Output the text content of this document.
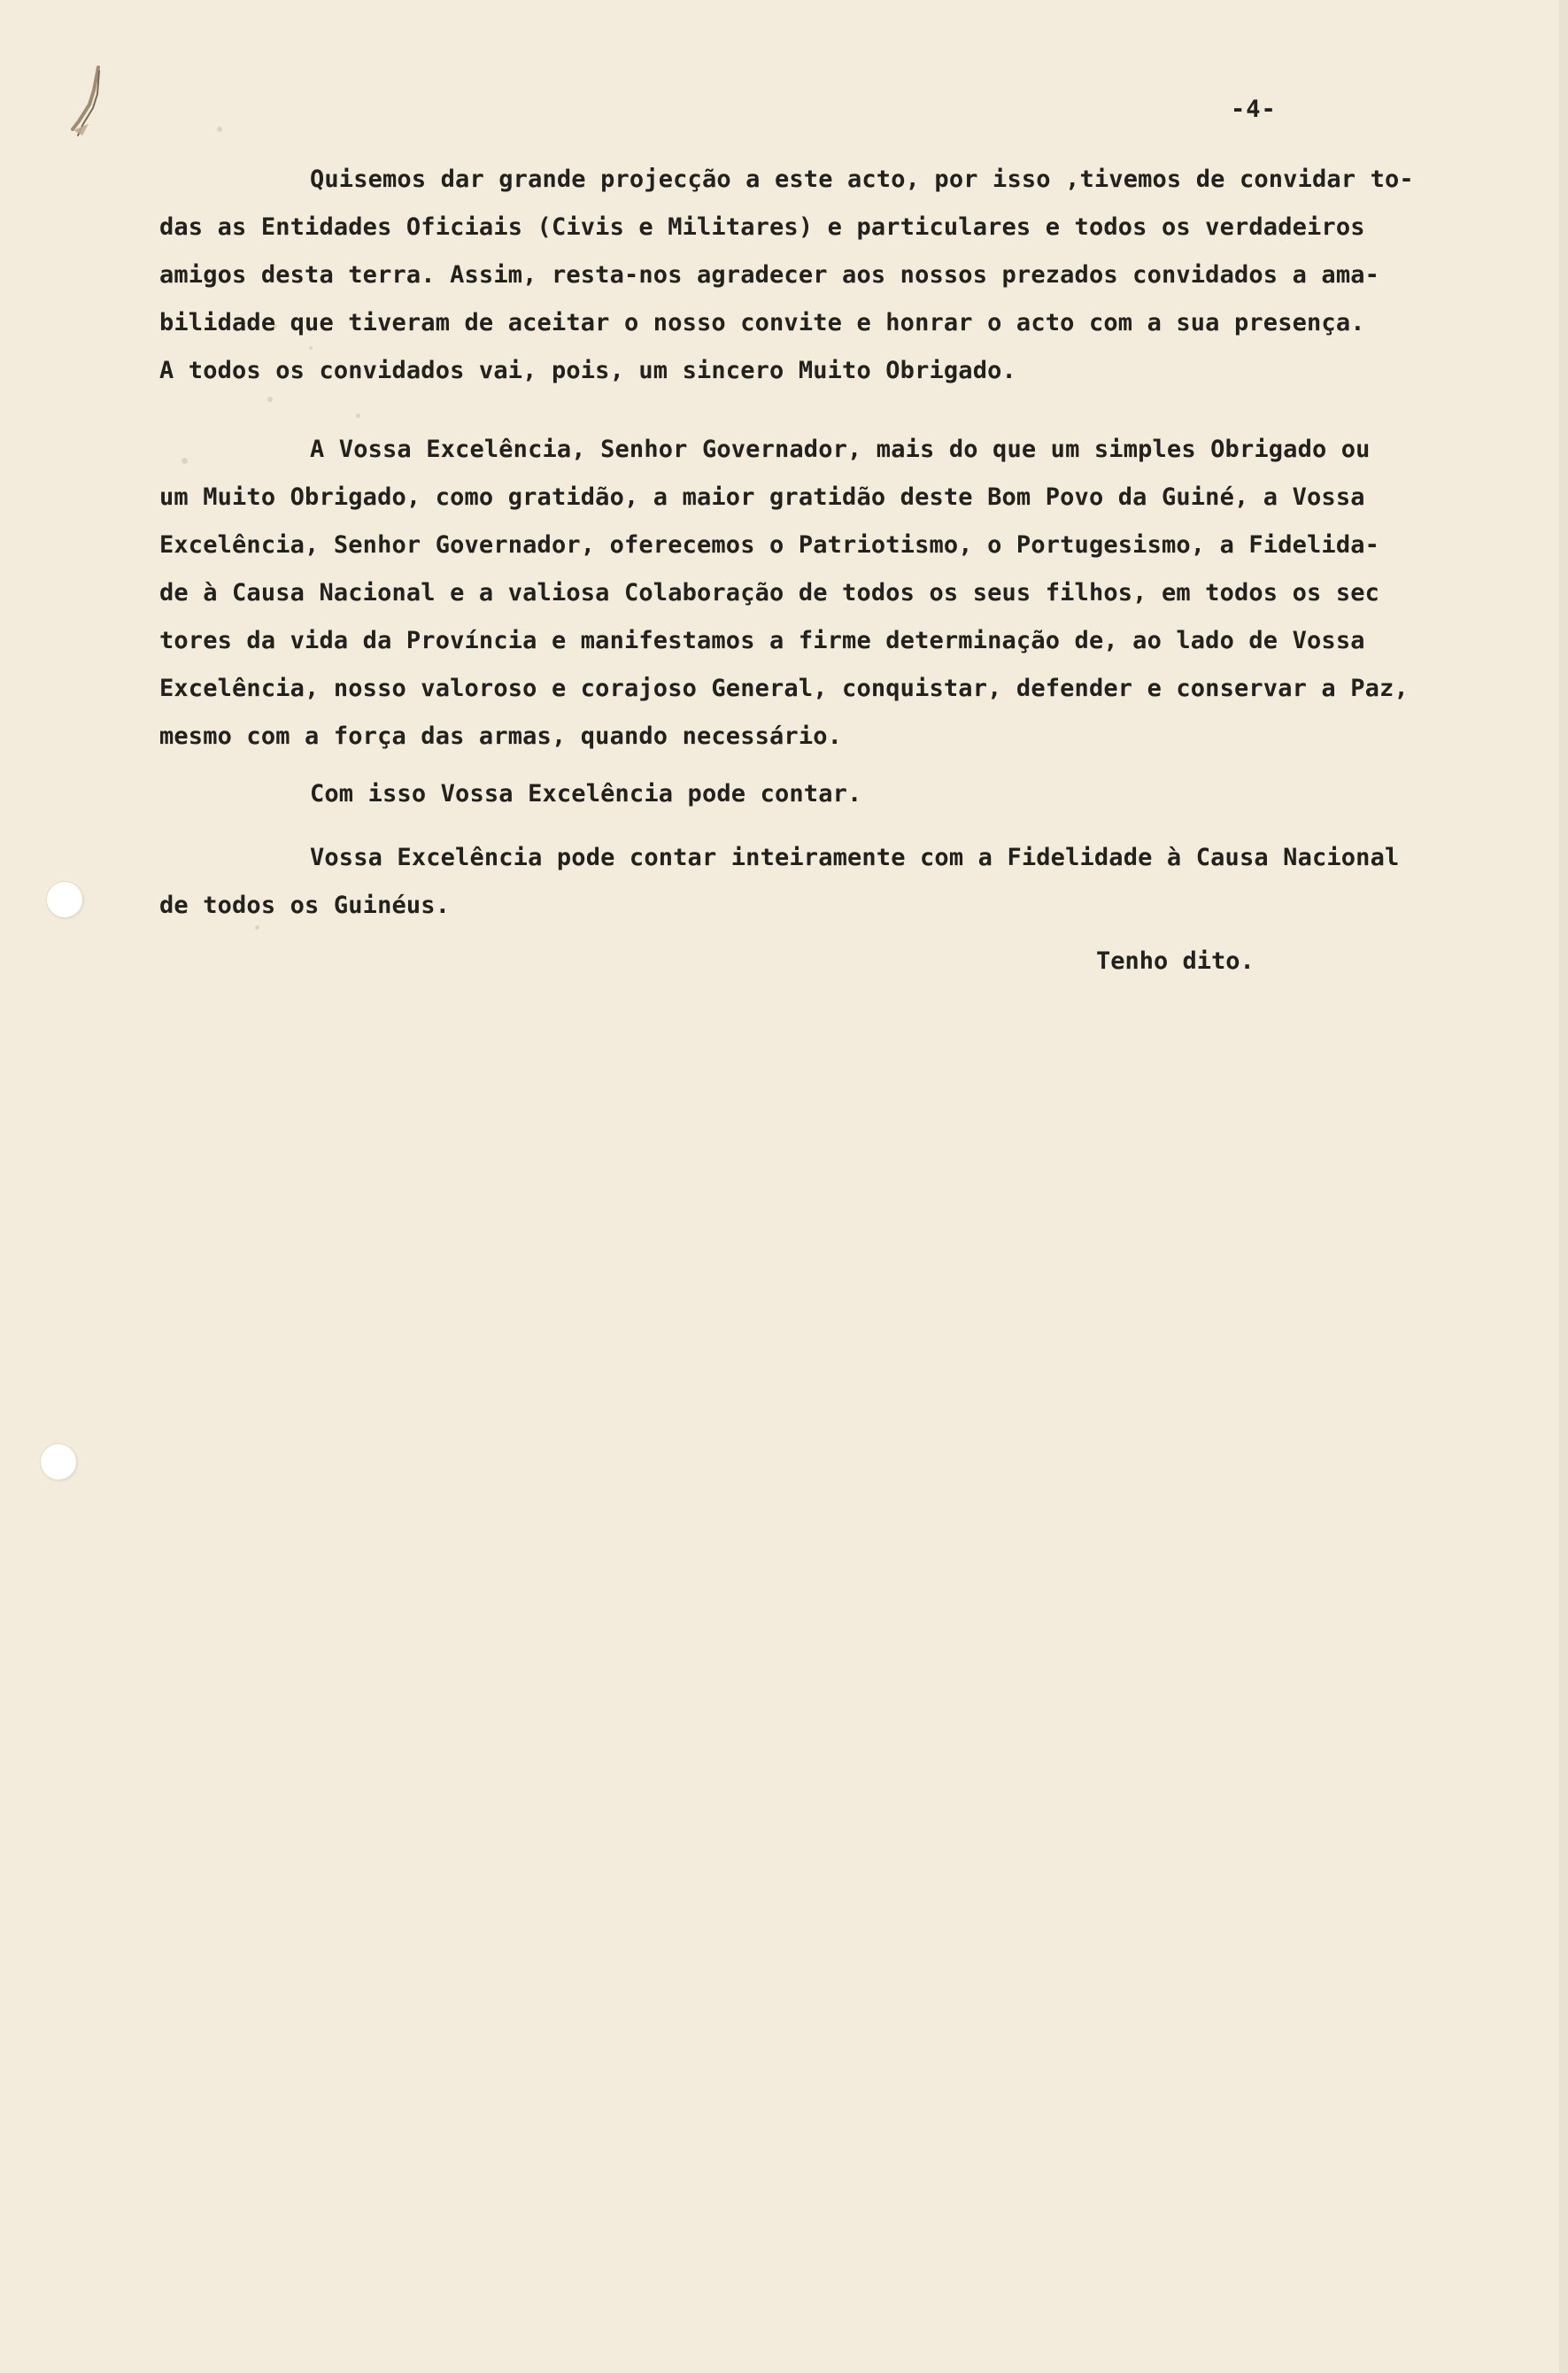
-4-
Quisemos dar grande projecção a este acto, por isso ,tivemos de convidar to-
das as Entidades Oficiais (Civis e Militares) e particulares e todos os verdadeiros
amigos desta terra. Assim, resta-nos agradecer aos nossos prezados convidados a ama-
bilidade que tiveram de aceitar o nosso convite e honrar o acto com a sua presença.
A todos os convidados vai, pois, um sincero Muito Obrigado.
A Vossa Excelência, Senhor Governador, mais do que um simples Obrigado ou
um Muito Obrigado, como gratidão, a maior gratidão deste Bom Povo da Guiné, a Vossa
Excelência, Senhor Governador, oferecemos o Patriotismo, o Portugesismo, a Fidelida-
de à Causa Nacional e a valiosa Colaboração de todos os seus filhos, em todos os sec
tores da vida da Província e manifestamos a firme determinação de, ao lado de Vossa
Excelência, nosso valoroso e corajoso General, conquistar, defender e conservar a Paz,
mesmo com a força das armas, quando necessário.
Com isso Vossa Excelência pode contar.
Vossa Excelência pode contar inteiramente com a Fidelidade à Causa Nacional
de todos os Guinéus.
Tenho dito.
